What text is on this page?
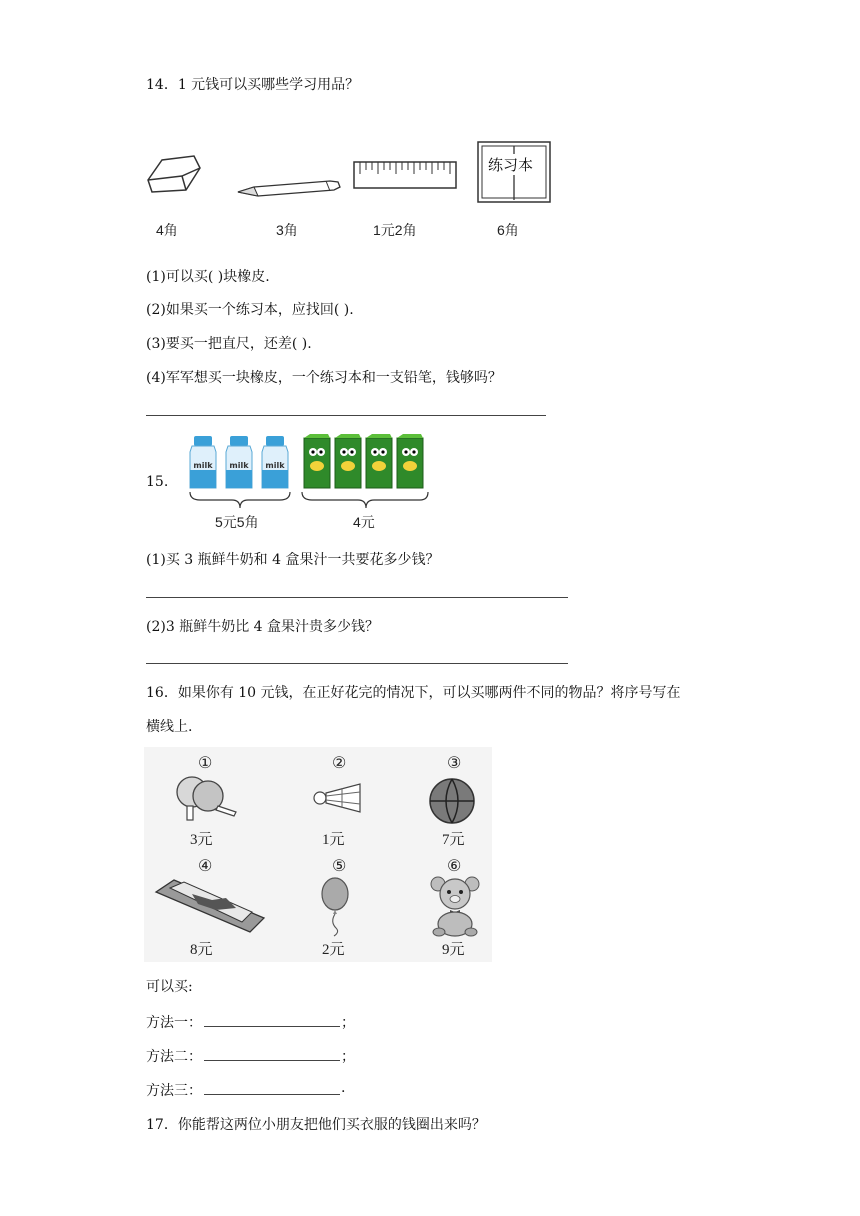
14．1 元钱可以买哪些学习用品？
练习本
4角	3角	1元2角	6角
(1)可以买( )块橡皮.
(2)如果买一个练习本，应找回( ).
(3)要买一把直尺，还差( ).
(4)军军想买一块橡皮，一个练习本和一支铅笔，钱够吗？
15.
milk milk milk
5元5角	4元
(1)买 3 瓶鲜牛奶和 4 盒果汁一共要花多少钱？
(2)3 瓶鲜牛奶比 4 盒果汁贵多少钱？
16．如果你有 10 元钱，在正好花完的情况下，可以买哪两件不同的物品？将序号写在
横线上.
①
3元
②
1元
③
7元
④
8元
⑤
2元
⑥
9元
可以买:
方法一：	；
方法二：	；
方法三：	.
17．你能帮这两位小朋友把他们买衣服的钱圈出来吗？
